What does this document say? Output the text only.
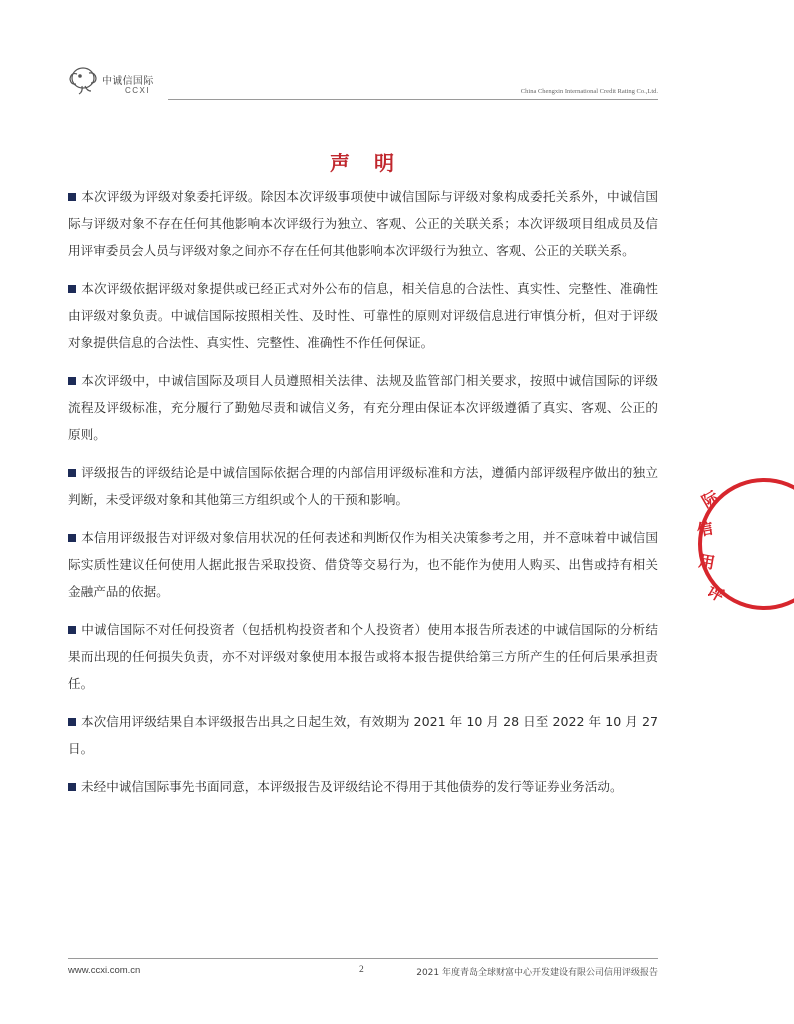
中诚信国际
CCXI	China Chengxin International Credit Rating Co.,Ltd.
声明

本次评级为评级对象委托评级。除因本次评级事项使中诚信国际与评级对象构成委托关系外，中诚信国际与评级对象不存在任何其他影响本次评级行为独立、客观、公正的关联关系；本次评级项目组成员及信用评审委员会人员与评级对象之间亦不存在任何其他影响本次评级行为独立、客观、公正的关联关系。

本次评级依据评级对象提供或已经正式对外公布的信息，相关信息的合法性、真实性、完整性、准确性由评级对象负责。中诚信国际按照相关性、及时性、可靠性的原则对评级信息进行审慎分析，但对于评级对象提供信息的合法性、真实性、完整性、准确性不作任何保证。

本次评级中，中诚信国际及项目人员遵照相关法律、法规及监管部门相关要求，按照中诚信国际的评级流程及评级标准，充分履行了勤勉尽责和诚信义务，有充分理由保证本次评级遵循了真实、客观、公正的原则。

评级报告的评级结论是中诚信国际依据合理的内部信用评级标准和方法，遵循内部评级程序做出的独立判断，未受评级对象和其他第三方组织或个人的干预和影响。

本信用评级报告对评级对象信用状况的任何表述和判断仅作为相关决策参考之用，并不意味着中诚信国际实质性建议任何使用人据此报告采取投资、借贷等交易行为，也不能作为使用人购买、出售或持有相关金融产品的依据。

中诚信国际不对任何投资者（包括机构投资者和个人投资者）使用本报告所表述的中诚信国际的分析结果而出现的任何损失负责，亦不对评级对象使用本报告或将本报告提供给第三方所产生的任何后果承担责任。

本次信用评级结果自本评级报告出具之日起生效，有效期为 2021 年 10 月 28 日至 2022 年 10 月 27 日。

未经中诚信国际事先书面同意，本评级报告及评级结论不得用于其他债券的发行等证券业务活动。

际
信
用
评
www.ccxi.com.cn	2	2021 年度青岛全球财富中心开发建设有限公司信用评级报告
